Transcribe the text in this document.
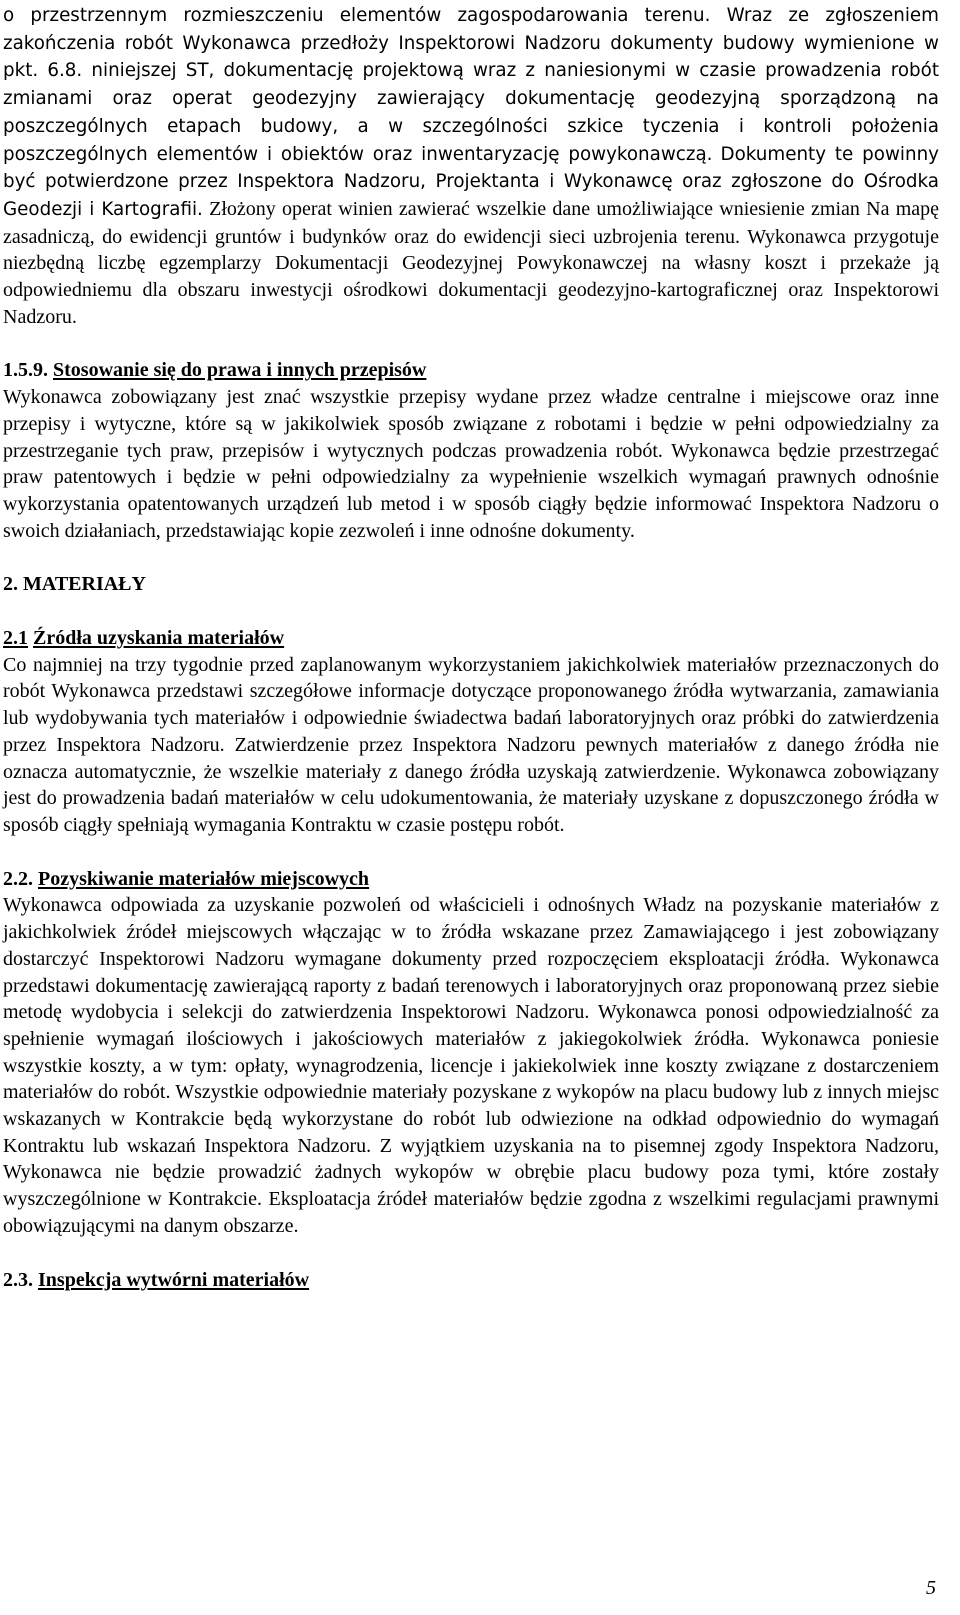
o przestrzennym rozmieszczeniu elementów zagospodarowania terenu. Wraz ze zgłoszeniem zakończenia robót Wykonawca przedłoży Inspektorowi Nadzoru dokumenty budowy wymienione w pkt. 6.8. niniejszej ST, dokumentację projektową wraz z naniesionymi w czasie prowadzenia robót zmianami oraz operat geodezyjny zawierający dokumentację geodezyjną sporządzoną na poszczególnych etapach budowy, a w szczególności szkice tyczenia i kontroli położenia poszczególnych elementów i obiektów oraz inwentaryzację powykonawczą. Dokumenty te powinny być potwierdzone przez Inspektora Nadzoru, Projektanta i Wykonawcę oraz zgłoszone do Ośrodka Geodezji i Kartografii. Złożony operat winien zawierać wszelkie dane umożliwiające wniesienie zmian Na mapę zasadniczą, do ewidencji gruntów i budynków oraz do ewidencji sieci uzbrojenia terenu. Wykonawca przygotuje niezbędną liczbę egzemplarzy Dokumentacji Geodezyjnej Powykonawczej na własny koszt i przekaże ją odpowiedniemu dla obszaru inwestycji ośrodkowi dokumentacji geodezyjno-kartograficznej oraz Inspektorowi Nadzoru.

1.5.9. Stosowanie się do prawa i innych przepisów

Wykonawca zobowiązany jest znać wszystkie przepisy wydane przez władze centralne i miejscowe oraz inne przepisy i wytyczne, które są w jakikolwiek sposób związane z robotami i będzie w pełni odpowiedzialny za przestrzeganie tych praw, przepisów i wytycznych podczas prowadzenia robót. Wykonawca będzie przestrzegać praw patentowych i będzie w pełni odpowiedzialny za wypełnienie wszelkich wymagań prawnych odnośnie wykorzystania opatentowanych urządzeń lub metod i w sposób ciągły będzie informować Inspektora Nadzoru o swoich działaniach, przedstawiając kopie zezwoleń i inne odnośne dokumenty.

2. MATERIAŁY
2.1 Źródła uzyskania materiałów

Co najmniej na trzy tygodnie przed zaplanowanym wykorzystaniem jakichkolwiek materiałów przeznaczonych do robót Wykonawca przedstawi szczegółowe informacje dotyczące proponowanego źródła wytwarzania, zamawiania lub wydobywania tych materiałów i odpowiednie świadectwa badań laboratoryjnych oraz próbki do zatwierdzenia przez Inspektora Nadzoru. Zatwierdzenie przez Inspektora Nadzoru pewnych materiałów z danego źródła nie oznacza automatycznie, że wszelkie materiały z danego źródła uzyskają zatwierdzenie. Wykonawca zobowiązany jest do prowadzenia badań materiałów w celu udokumentowania, że materiały uzyskane z dopuszczonego źródła w sposób ciągły spełniają wymagania Kontraktu w czasie postępu robót.

2.2. Pozyskiwanie materiałów miejscowych

Wykonawca odpowiada za uzyskanie pozwoleń od właścicieli i odnośnych Władz na pozyskanie materiałów z jakichkolwiek źródeł miejscowych włączając w to źródła wskazane przez Zamawiającego i jest zobowiązany dostarczyć Inspektorowi Nadzoru wymagane dokumenty przed rozpoczęciem eksploatacji źródła. Wykonawca przedstawi dokumentację zawierającą raporty z badań terenowych i laboratoryjnych oraz proponowaną przez siebie metodę wydobycia i selekcji do zatwierdzenia Inspektorowi Nadzoru. Wykonawca ponosi odpowiedzialność za spełnienie wymagań ilościowych i jakościowych materiałów z jakiegokolwiek źródła. Wykonawca poniesie wszystkie koszty, a w tym: opłaty, wynagrodzenia, licencje i jakiekolwiek inne koszty związane z dostarczeniem materiałów do robót. Wszystkie odpowiednie materiały pozyskane z wykopów na placu budowy lub z innych miejsc wskazanych w Kontrakcie będą wykorzystane do robót lub odwiezione na odkład odpowiednio do wymagań Kontraktu lub wskazań Inspektora Nadzoru. Z wyjątkiem uzyskania na to pisemnej zgody Inspektora Nadzoru, Wykonawca nie będzie prowadzić żadnych wykopów w obrębie placu budowy poza tymi, które zostały wyszczególnione w Kontrakcie. Eksploatacja źródeł materiałów będzie zgodna z wszelkimi regulacjami prawnymi obowiązującymi na danym obszarze.

2.3. Inspekcja wytwórni materiałów
5
